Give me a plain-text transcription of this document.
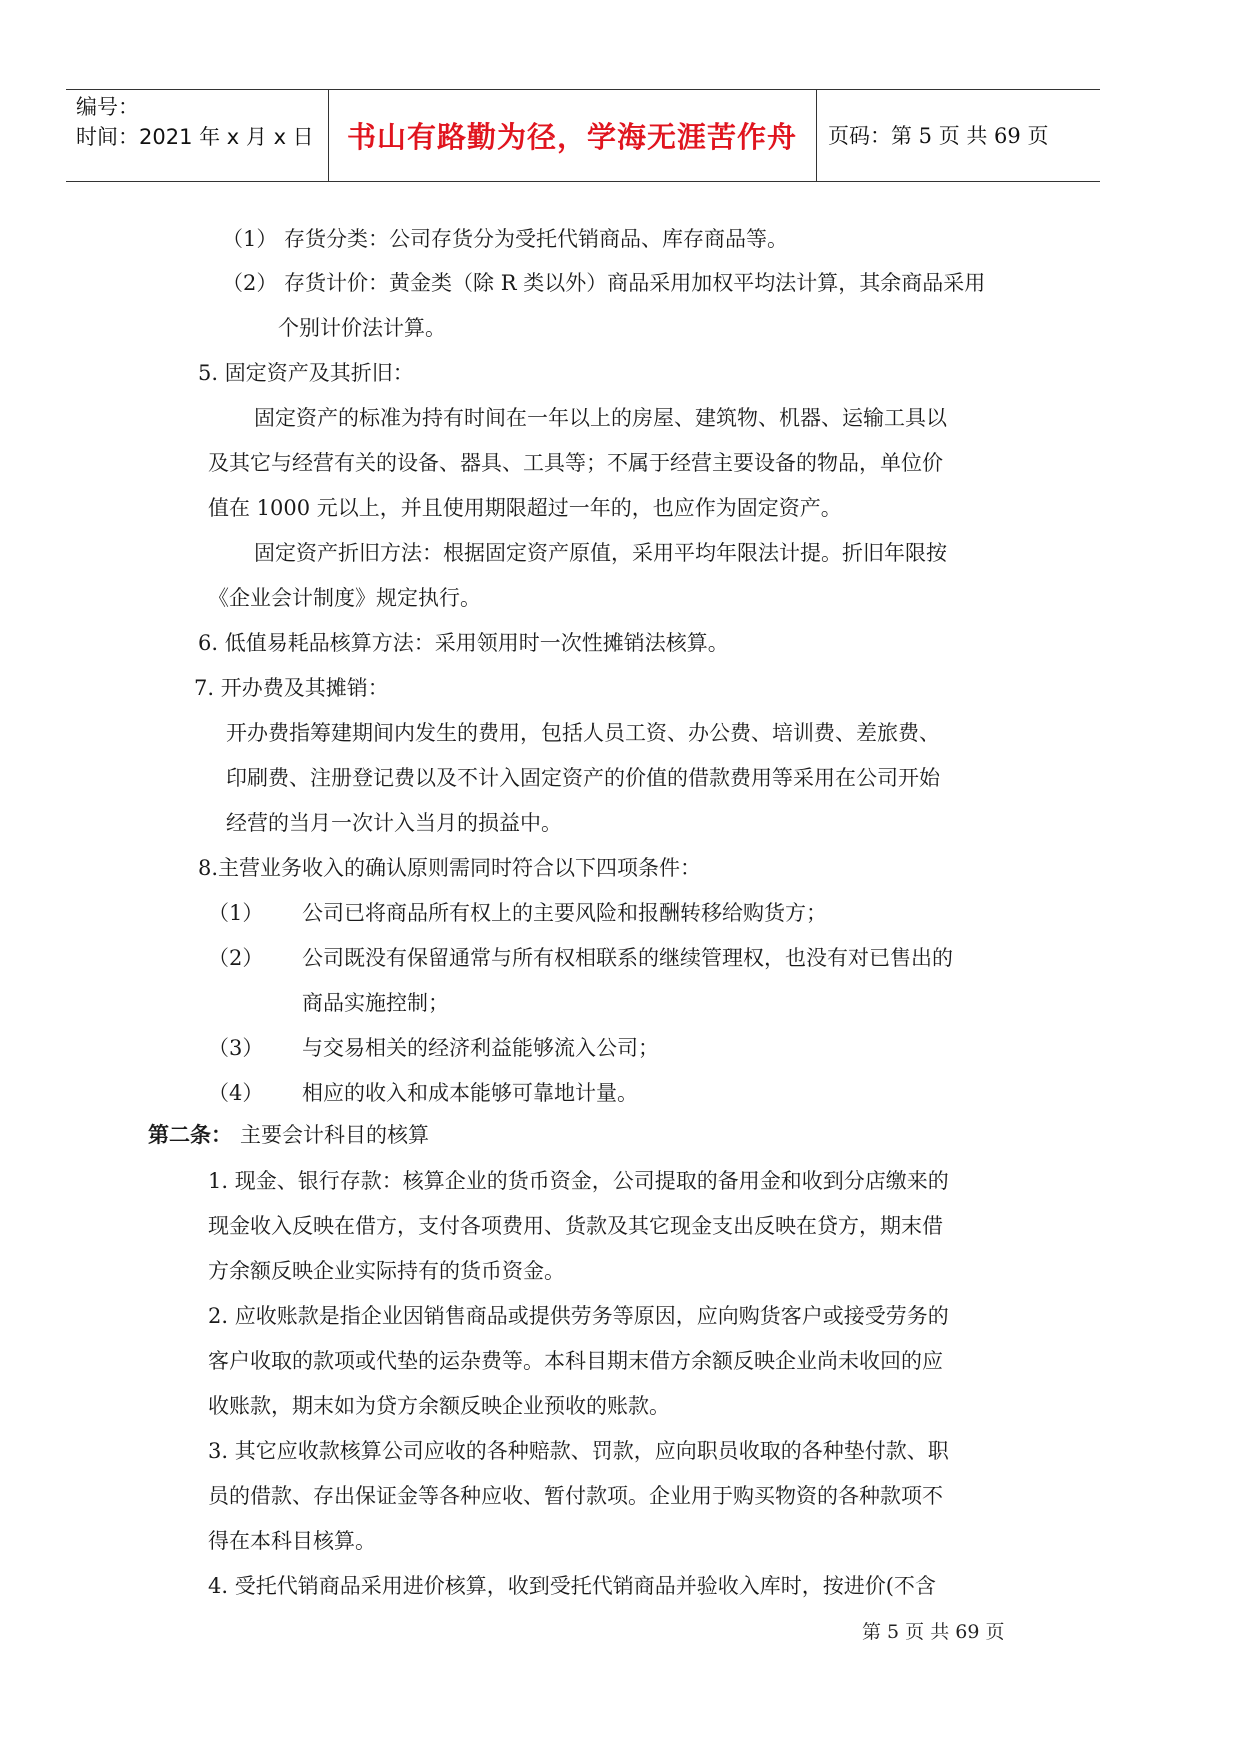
编号：
时间：2021 年 x 月 x 日	书山有路勤为径，学海无涯苦作舟	页码：第 5 页 共 69 页
（1） 存货分类：公司存货分为受托代销商品、库存商品等。
（2） 存货计价：黄金类（除 R 类以外）商品采用加权平均法计算，其余商品采用
个别计价法计算。
5. 固定资产及其折旧：
固定资产的标准为持有时间在一年以上的房屋、建筑物、机器、运输工具以
及其它与经营有关的设备、器具、工具等；不属于经营主要设备的物品，单位价
值在 1000 元以上，并且使用期限超过一年的，也应作为固定资产。
固定资产折旧方法：根据固定资产原值，采用平均年限法计提。折旧年限按
《企业会计制度》规定执行。
6. 低值易耗品核算方法：采用领用时一次性摊销法核算。
7. 开办费及其摊销：
开办费指筹建期间内发生的费用，包括人员工资、办公费、培训费、差旅费、
印刷费、注册登记费以及不计入固定资产的价值的借款费用等采用在公司开始
经营的当月一次计入当月的损益中。
8.主营业务收入的确认原则需同时符合以下四项条件：
（1） 公司已将商品所有权上的主要风险和报酬转移给购货方；
（2） 公司既没有保留通常与所有权相联系的继续管理权，也没有对已售出的
商品实施控制；
（3） 与交易相关的经济利益能够流入公司；
（4） 相应的收入和成本能够可靠地计量。
第二条： 主要会计科目的核算
1. 现金、银行存款：核算企业的货币资金，公司提取的备用金和收到分店缴来的
现金收入反映在借方，支付各项费用、货款及其它现金支出反映在贷方，期末借
方余额反映企业实际持有的货币资金。
2. 应收账款是指企业因销售商品或提供劳务等原因，应向购货客户或接受劳务的
客户收取的款项或代垫的运杂费等。本科目期末借方余额反映企业尚未收回的应
收账款，期末如为贷方余额反映企业预收的账款。
3. 其它应收款核算公司应收的各种赔款、罚款，应向职员收取的各种垫付款、职
员的借款、存出保证金等各种应收、暂付款项。企业用于购买物资的各种款项不
得在本科目核算。
4. 受托代销商品采用进价核算，收到受托代销商品并验收入库时，按进价(不含
第 5 页 共 69 页
